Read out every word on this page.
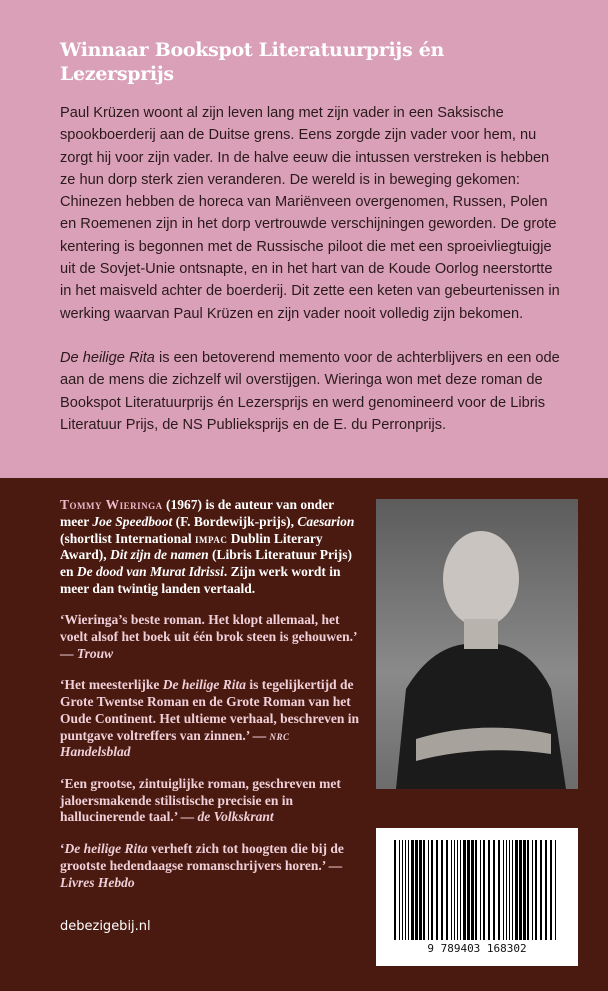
Winnaar Bookspot Literatuurprijs én Lezersprijs

Paul Krüzen woont al zijn leven lang met zijn vader in een Saksische spookboerderij aan de Duitse grens. Eens zorgde zijn vader voor hem, nu zorgt hij voor zijn vader. In de halve eeuw die intussen verstreken is hebben ze hun dorp sterk zien veranderen. De wereld is in beweging gekomen: Chinezen hebben de horeca van Mariënveen overgenomen, Russen, Polen en Roemenen zijn in het dorp vertrouwde verschijningen geworden. De grote kentering is begonnen met de Russische piloot die met een sproeivliegtuigje uit de Sovjet-Unie ontsnapte, en in het hart van de Koude Oorlog neerstortte in het maisveld achter de boerderij. Dit zette een keten van gebeurtenissen in werking waarvan Paul Krüzen en zijn vader nooit volledig zijn bekomen.

De heilige Rita is een betoverend memento voor de achterblijvers en een ode aan de mens die zichzelf wil overstijgen. Wieringa won met deze roman de Bookspot Literatuurprijs én Lezersprijs en werd genomineerd voor de Libris Literatuur Prijs, de NS Publieksprijs en de E. du Perronprijs.

Tommy Wieringa (1967) is de auteur van onder meer Joe Speedboot (F. Bordewijk-prijs), Caesarion (shortlist International impac Dublin Literary Award), Dit zijn de namen (Libris Literatuur Prijs) en De dood van Murat Idrissi. Zijn werk wordt in meer dan twintig landen vertaald.
‘Wieringa’s beste roman. Het klopt allemaal, het voelt alsof het boek uit één brok steen is gehouwen.’ — Trouw
‘Het meesterlijke De heilige Rita is tegelijkertijd de Grote Twentse Roman en de Grote Roman van het Oude Continent. Het ultieme verhaal, beschreven in puntgave voltreffers van zinnen.’ — nrc Handelsblad
‘Een grootse, zintuiglijke roman, geschreven met jaloersmakende stilistische precisie en in hallucinerende taal.’ — de Volkskrant
‘De heilige Rita verheft zich tot hoogten die bij de grootste hedendaagse romanschrijvers horen.’ — Livres Hebdo
debezigebij.nl
9 789403 168302
